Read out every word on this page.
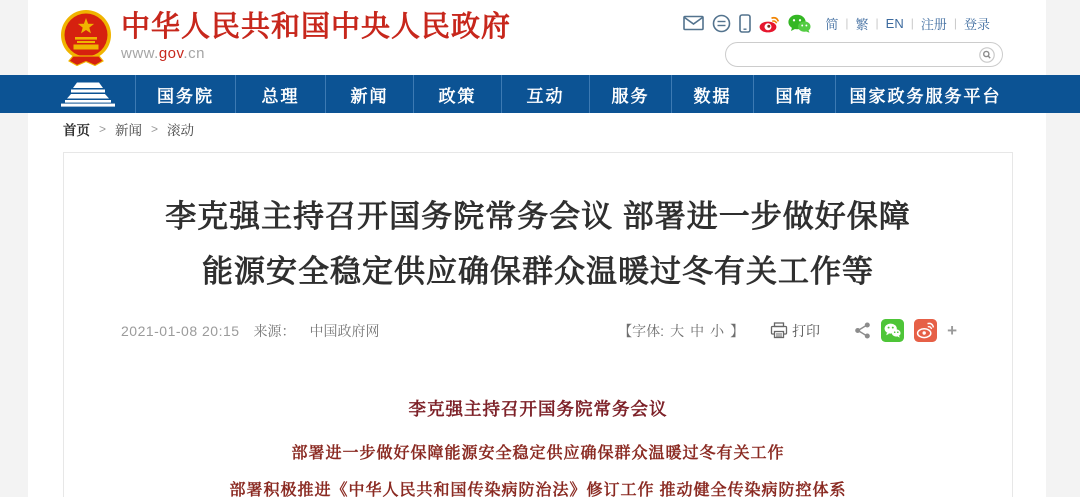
中华人民共和国中央人民政府
www.gov.cn
简 | 繁 | EN | 注册 | 登录
国务院	总理	新闻	政策	互动	服务	数据	国情	国家政务服务平台
首页 > 新闻 > 滚动
李克强主持召开国务院常务会议 部署进一步做好保障
能源安全稳定供应确保群众温暖过冬有关工作等
2021-01-08 20:15 来源： 中国政府网	【字体: 大 中 小 】	打印	+

李克强主持召开国务院常务会议

部署进一步做好保障能源安全稳定供应确保群众温暖过冬有关工作

部署积极推进《中华人民共和国传染病防治法》修订工作 推动健全传染病防控体系
